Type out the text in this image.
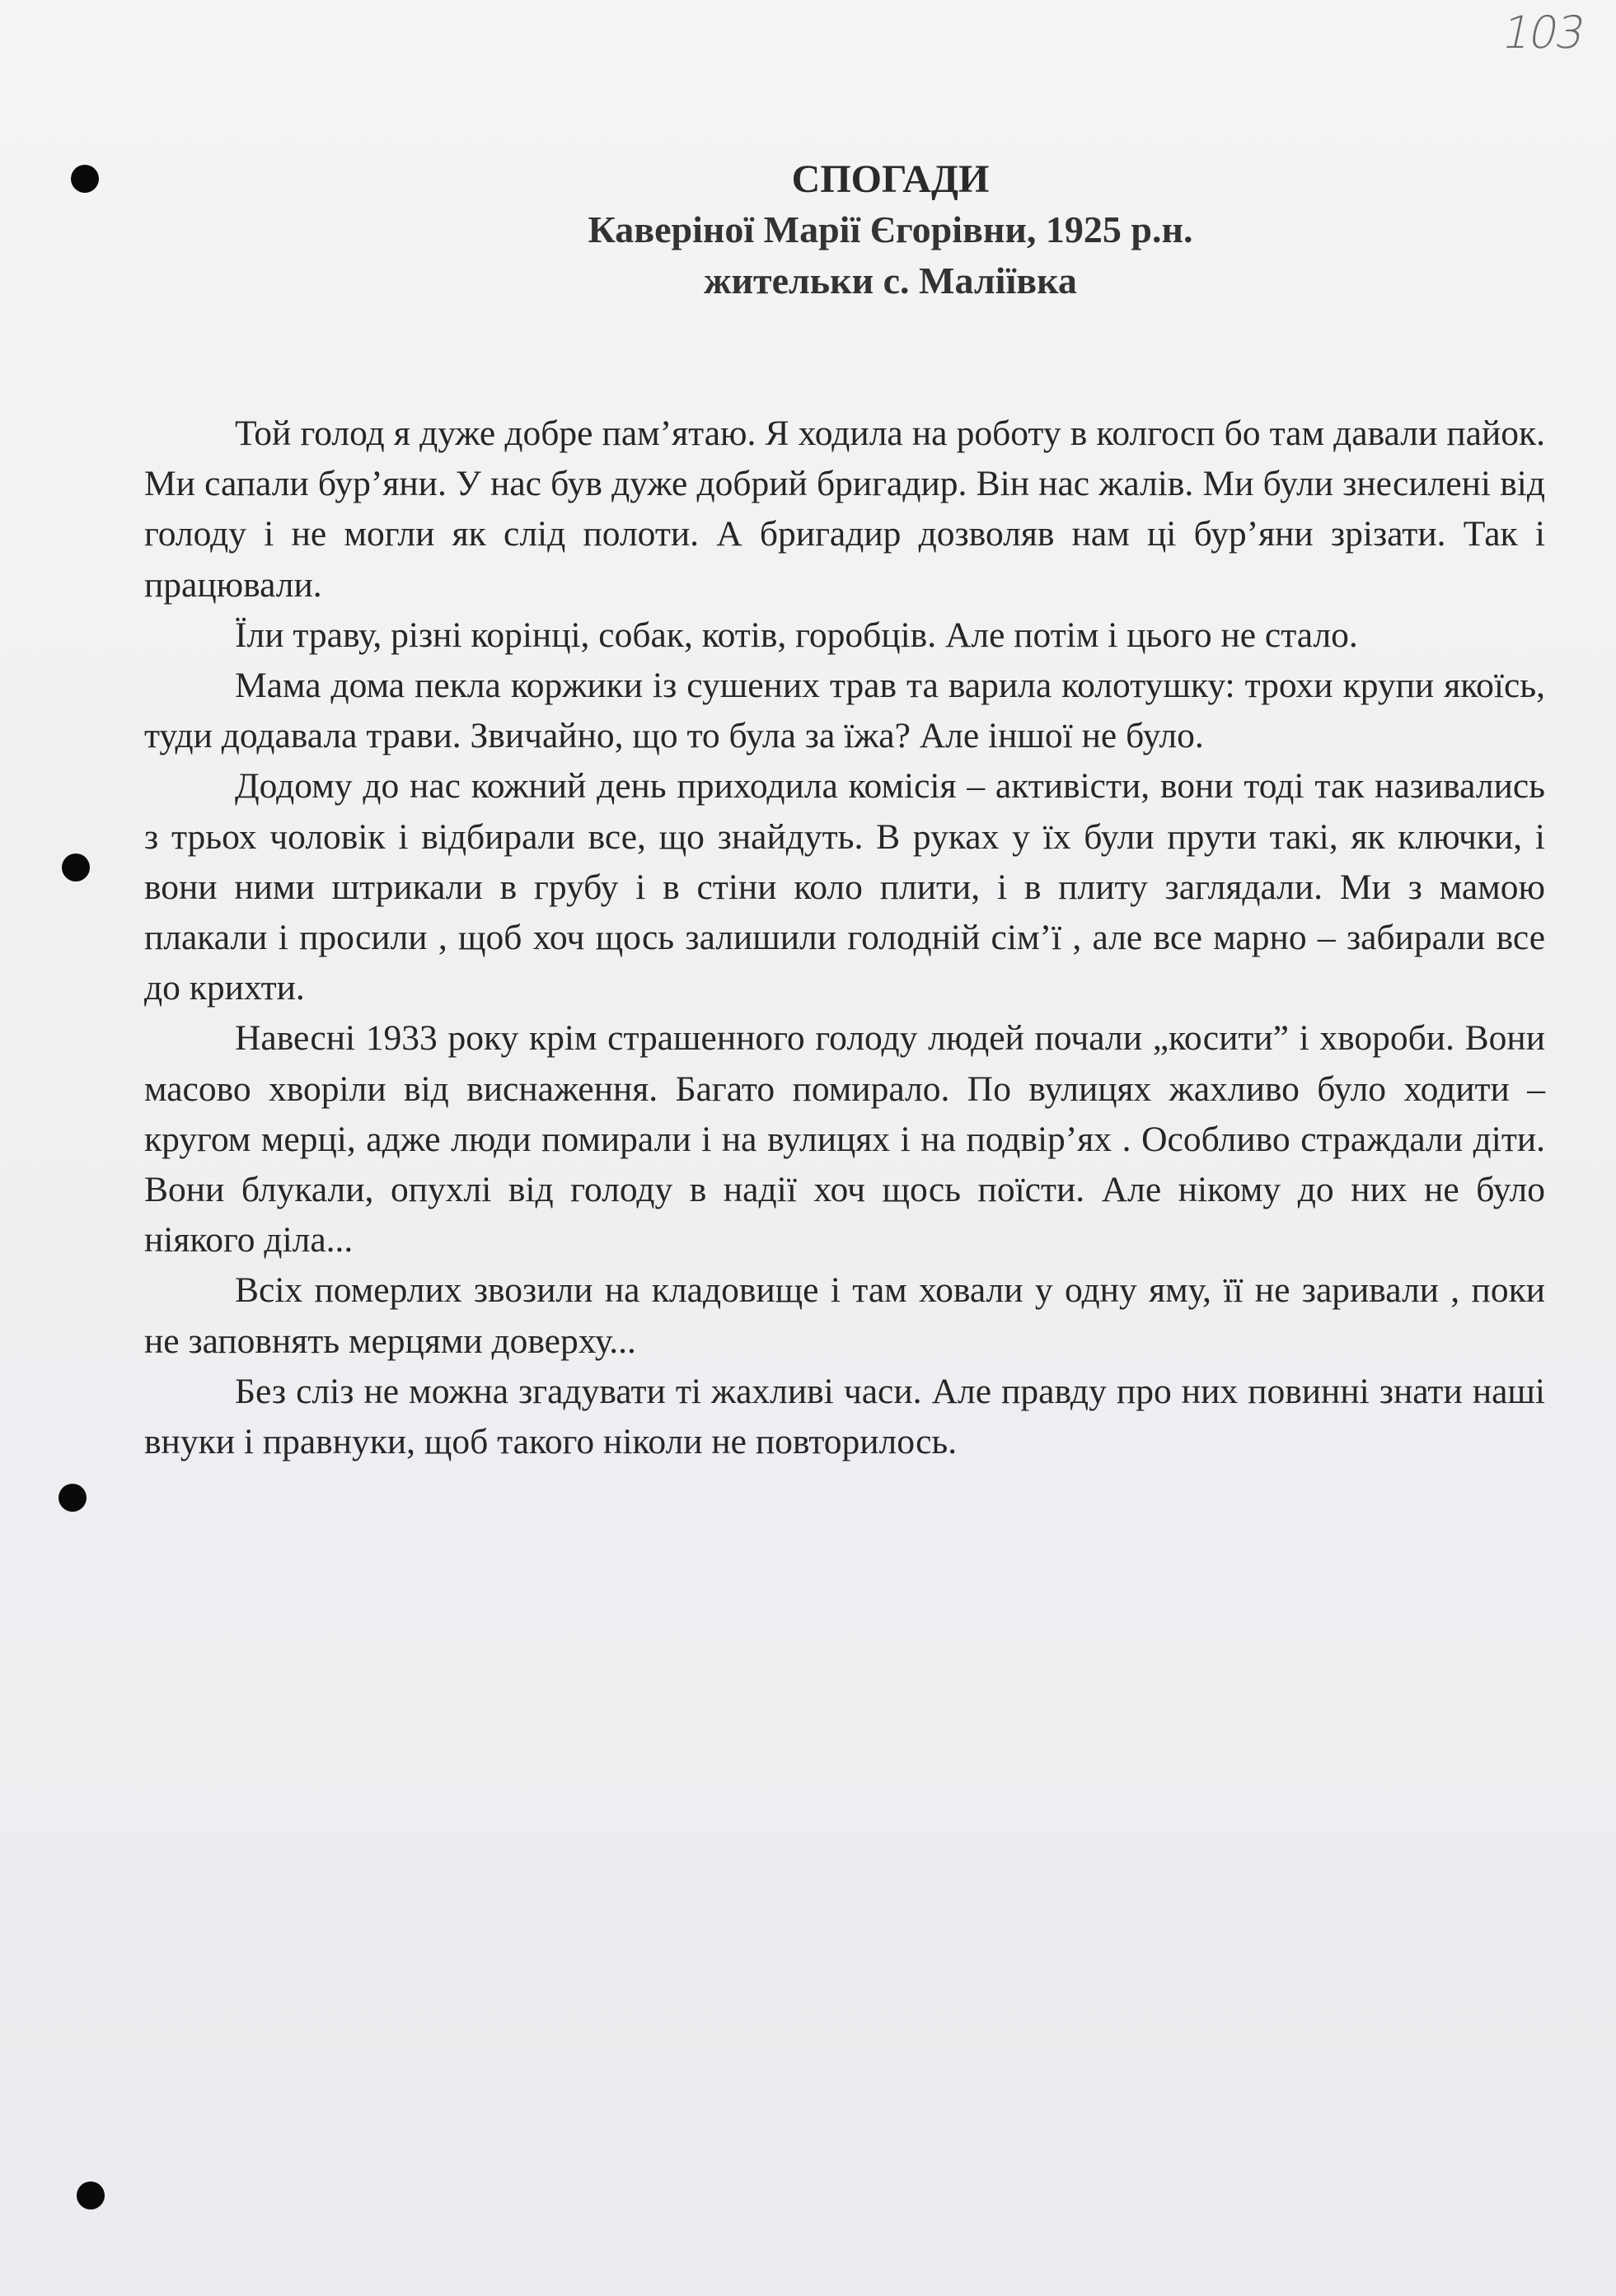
103
СПОГАДИ
Каверіної Марії Єгорівни, 1925 р.н.
жительки с. Маліївка

Той голод я дуже добре пам’ятаю. Я ходила на роботу в колгосп бо там давали пайок. Ми сапали бур’яни. У нас був дуже добрий бригадир. Він нас жалів. Ми були знесилені від голоду і не могли як слід полоти. А бригадир дозволяв нам ці бур’яни зрізати. Так і працювали.

Їли траву, різні корінці, собак, котів, горобців. Але потім і цього не стало.

Мама дома пекла коржики із сушених трав та варила колотушку: трохи крупи якоїсь, туди додавала трави. Звичайно, що то була за їжа? Але іншої не було.

Додому до нас кожний день приходила комісія – активісти, вони тоді так називались з трьох чоловік і відбирали все, що знайдуть. В руках у їх були прути такі, як ключки, і вони ними штрикали в грубу і в стіни коло плити, і в плиту заглядали. Ми з мамою плакали і просили , щоб хоч щось залишили голодній сім’ї , але все марно – забирали все до крихти.

Навесні 1933 року крім страшенного голоду людей почали „косити” і хвороби. Вони масово хворіли від виснаження. Багато помирало. По вулицях жахливо було ходити – кругом мерці, адже люди помирали і на вулицях і на подвір’ях . Особливо страждали діти. Вони блукали, опухлі від голоду в надії хоч щось поїсти. Але нікому до них не було ніякого діла...

Всіх померлих звозили на кладовище і там ховали у одну яму, її не заривали , поки не заповнять мерцями доверху...

Без сліз не можна згадувати ті жахливі часи. Але правду про них повинні знати наші внуки і правнуки, щоб такого ніколи не повторилось.
